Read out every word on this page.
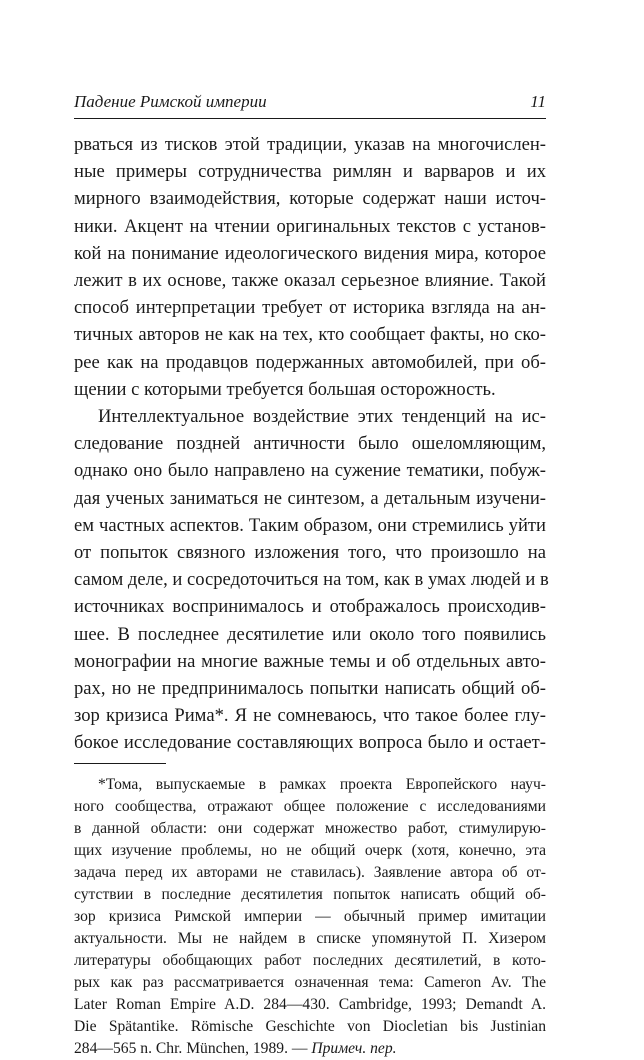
Падение Римской империи	11

рваться из тисков этой традиции, указав на многочислен-

ные примеры сотрудничества римлян и варваров и их

мирного взаимодействия, которые содержат наши источ-

ники. Акцент на чтении оригинальных текстов с установ-

кой на понимание идеологического видения мира, которое

лежит в их основе, также оказал серьезное влияние. Такой

способ интерпретации требует от историка взгляда на ан-

тичных авторов не как на тех, кто сообщает факты, но ско-

рее как на продавцов подержанных автомобилей, при об-

щении с которыми требуется большая осторожность.

Интеллектуальное воздействие этих тенденций на ис-

следование поздней античности было ошеломляющим,

однако оно было направлено на сужение тематики, побуж-

дая ученых заниматься не синтезом, а детальным изучени-

ем частных аспектов. Таким образом, они стремились уйти

от попыток связного изложения того, что произошло на

самом деле, и сосредоточиться на том, как в умах людей и в

источниках воспринималось и отображалось происходив-

шее. В последнее десятилетие или около того появились

монографии на многие важные темы и об отдельных авто-

рах, но не предпринималось попытки написать общий об-

зор кризиса Рима*. Я не сомневаюсь, что такое более глу-

бокое исследование составляющих вопроса было и остает-

*Тома, выпускаемые в рамках проекта Европейского науч-

ного сообщества, отражают общее положение с исследованиями

в данной области: они содержат множество работ, стимулирую-

щих изучение проблемы, но не общий очерк (хотя, конечно, эта

задача перед их авторами не ставилась). Заявление автора об от-

сутствии в последние десятилетия попыток написать общий об-

зор кризиса Римской империи — обычный пример имитации

актуальности. Мы не найдем в списке упомянутой П. Хизером

литературы обобщающих работ последних десятилетий, в кото-

рых как раз рассматривается означенная тема: Cameron Av. The

Later Roman Empire A.D. 284—430. Cambridge, 1993; Demandt A.

Die Spätantike. Römische Geschichte von Diocletian bis Justinian

284—565 n. Chr. München, 1989. — Примеч. пер.
